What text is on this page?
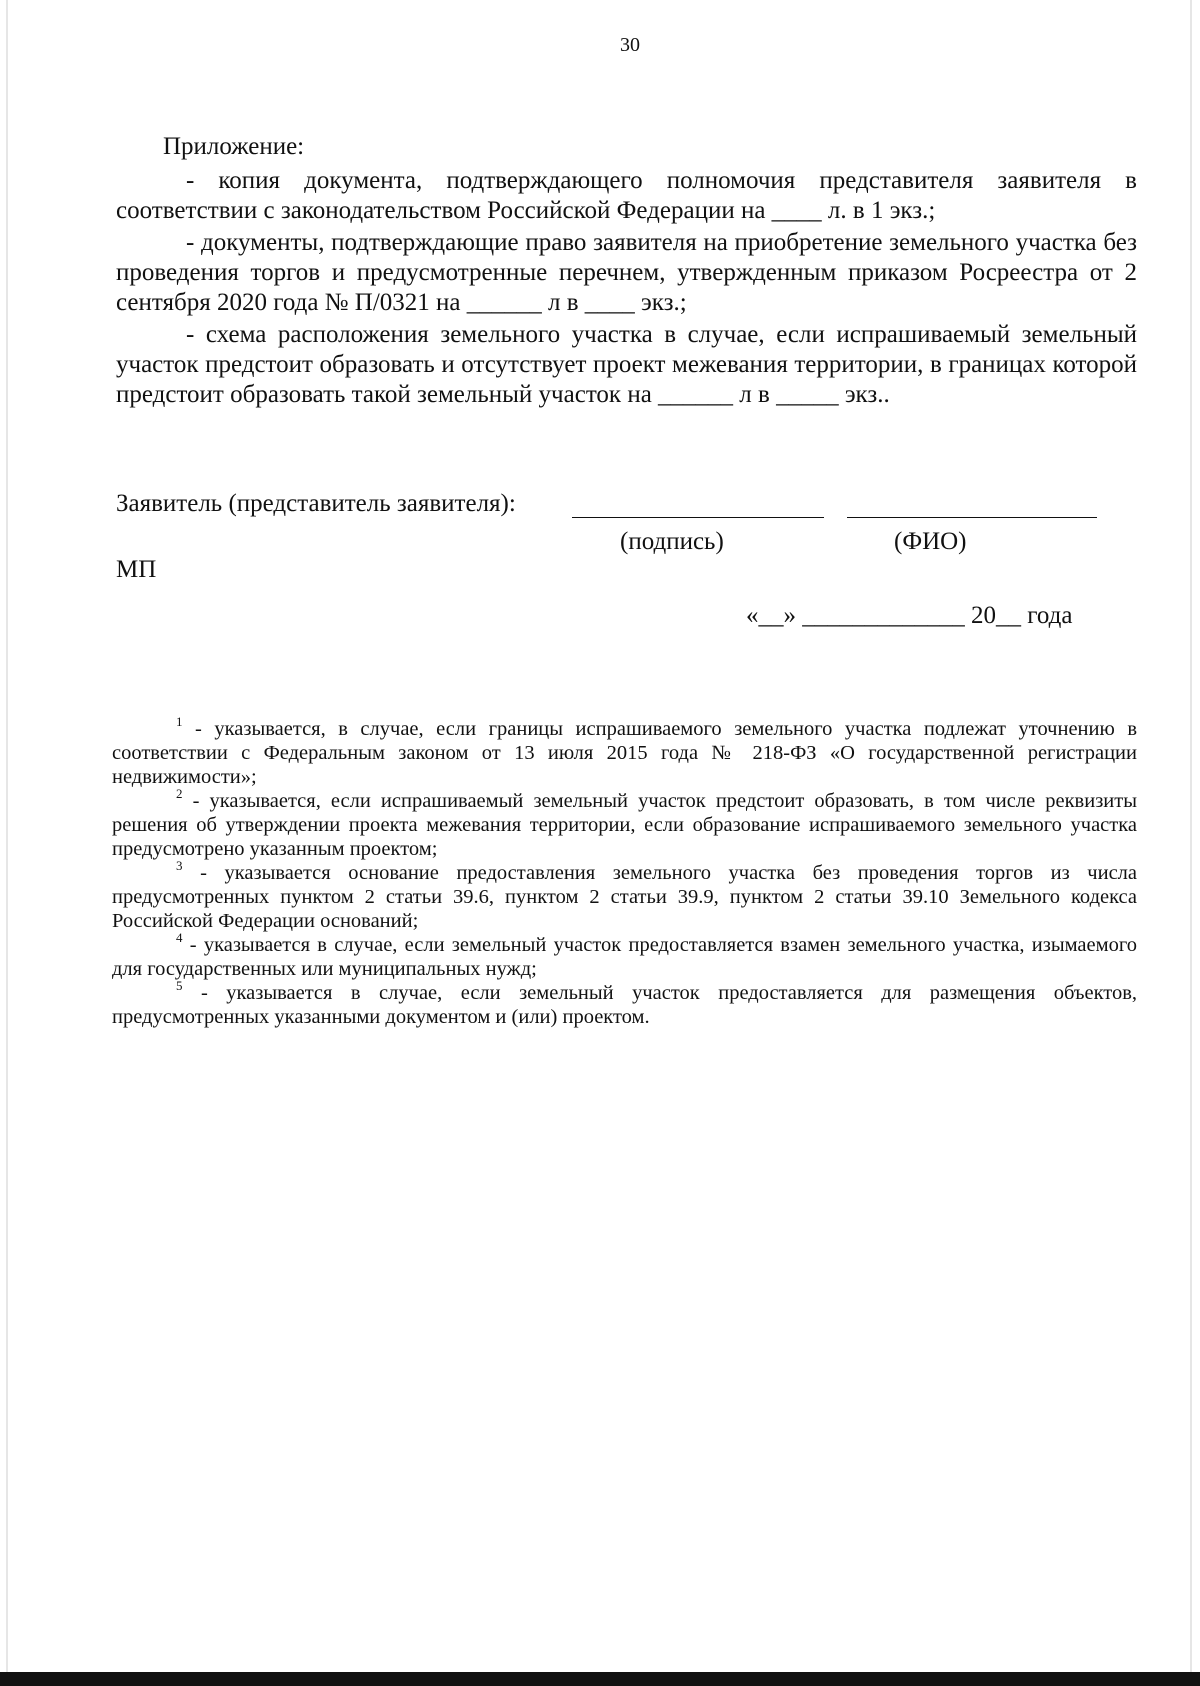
30

Приложение:

- копия документа, подтверждающего полномочия представителя заявителя в соответствии с законодательством Российской Федерации на ____ л. в 1 экз.;

- документы, подтверждающие право заявителя на приобретение земельного участка без проведения торгов и предусмотренные перечнем, утвержденным приказом Росреестра от 2 сентября 2020 года № П/0321 на ______ л в ____ экз.;

- схема расположения земельного участка в случае, если испрашиваемый земельный участок предстоит образовать и отсутствует проект межевания территории, в границах которой предстоит образовать такой земельный участок на ______ л в _____ экз..

Заявитель (представитель заявителя):
(подпись)	(ФИО)
МП
«__» _____________ 20__ года

$^1$ - указывается, в случае, если границы испрашиваемого земельного участка подлежат уточнению в соответствии с Федеральным законом от 13 июля 2015 года № 218-ФЗ «О государственной регистрации недвижимости»;

$^2$ - указывается, если испрашиваемый земельный участок предстоит образовать, в том числе реквизиты решения об утверждении проекта межевания территории, если образование испрашиваемого земельного участка предусмотрено указанным проектом;

$^3$ - указывается основание предоставления земельного участка без проведения торгов из числа предусмотренных пунктом 2 статьи 39.6, пунктом 2 статьи 39.9, пунктом 2 статьи 39.10 Земельного кодекса Российской Федерации оснований;

$^4$ - указывается в случае, если земельный участок предоставляется взамен земельного участка, изымаемого для государственных или муниципальных нужд;

$^5$ - указывается в случае, если земельный участок предоставляется для размещения объектов, предусмотренных указанными документом и (или) проектом.
